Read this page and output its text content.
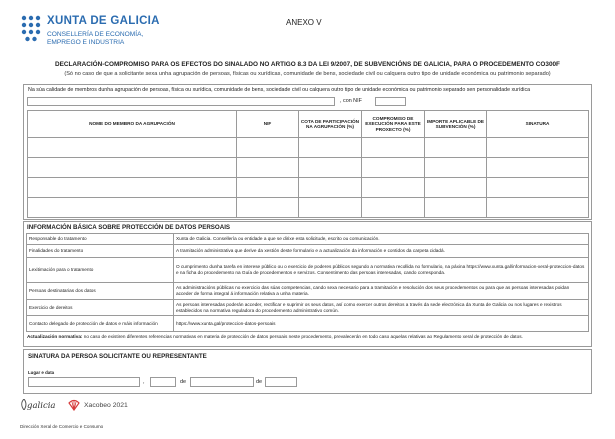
XUNTA DE GALICIA
CONSELLERÍA DE ECONOMÍA,
EMPREGO E INDUSTRIA
ANEXO V
DECLARACIÓN-COMPROMISO PARA OS EFECTOS DO SINALADO NO ARTIGO 8.3 DA LEI 9/2007, DE SUBVENCIÓNS DE GALICIA, PARA O PROCEDEMENTO CO300F
(Só no caso de que a solicitante sexa unha agrupación de persoas, físicas ou xurídicas, comunidade de bens, sociedade civil ou calquera outro tipo de unidade económica ou patrimonio separado)
Na súa calidade de membros dunha agrupación de persoas, física ou xurídica, comunidade de bens, sociedade civil ou calquera outro tipo de unidade económica ou patrimonio separado sen personalidade xurídica
, con NIF
NOME DO MEMBRO DA AGRUPACIÓN	NIF	COTA DE PARTICIPACIÓN NA AGRUPACIÓN (%)	COMPROMISO DE EXECUCIÓN PARA ESTE PROXECTO (%)	IMPORTE APLICABLE DE SUBVENCIÓN (%)	SINATURA

INFORMACIÓN BÁSICA SOBRE PROTECCIÓN DE DATOS PERSOAIS
Responsable do tratamento	Xunta de Galicia. Consellería ou entidade a que se dirixe esta solicitude, escrito ou comunicación.
Finalidades do tratamento	A tramitación administrativa que derive da xestión deste formulario e a actualización da información e contidos da carpeta cidadá.
Lexitimación para o tratamento	O cumprimento dunha tarefa en interese público ou o exercicio de poderes públicos segundo a normativa recollida no formulario, na páxina https://www.xunta.gal/informacion-xeral-proteccion-datos e na ficha do procedemento na Guía de procedementos e servizos. Consentimento das persoas interesadas, cando corresponda.
Persoas destinatarias dos datos	As administracións públicas no exercicio das súas competencias, cando sexa necesario para a tramitación e resolución dos seus procedementos ou para que as persoas interesadas poidan acceder de forma integral á información relativa a unha materia.
Exercicio de dereitos	As persoas interesadas poderán acceder, rectificar e suprimir os seus datos, así como exercer outros dereitos a través da sede electrónica da Xunta de Galicia ou nos lugares e rexistros establecidos na normativa reguladora do procedemento administrativo común.
Contacto delegado de protección de datos e máis información	https://www.xunta.gal/proteccion-datos-persoais
Actualización normativa: no caso de existiren diferentes referencias normativas en materia de protección de datos persoais neste procedemento, prevalecerán en todo caso aquelas relativas ao Regulamento xeral de protección de datos.
SINATURA DA PERSOA SOLICITANTE OU REPRESENTANTE
Lugar e data
,	de	de
galicia	Xacobeo 2021
Dirección Xeral de Comercio e Consumo
